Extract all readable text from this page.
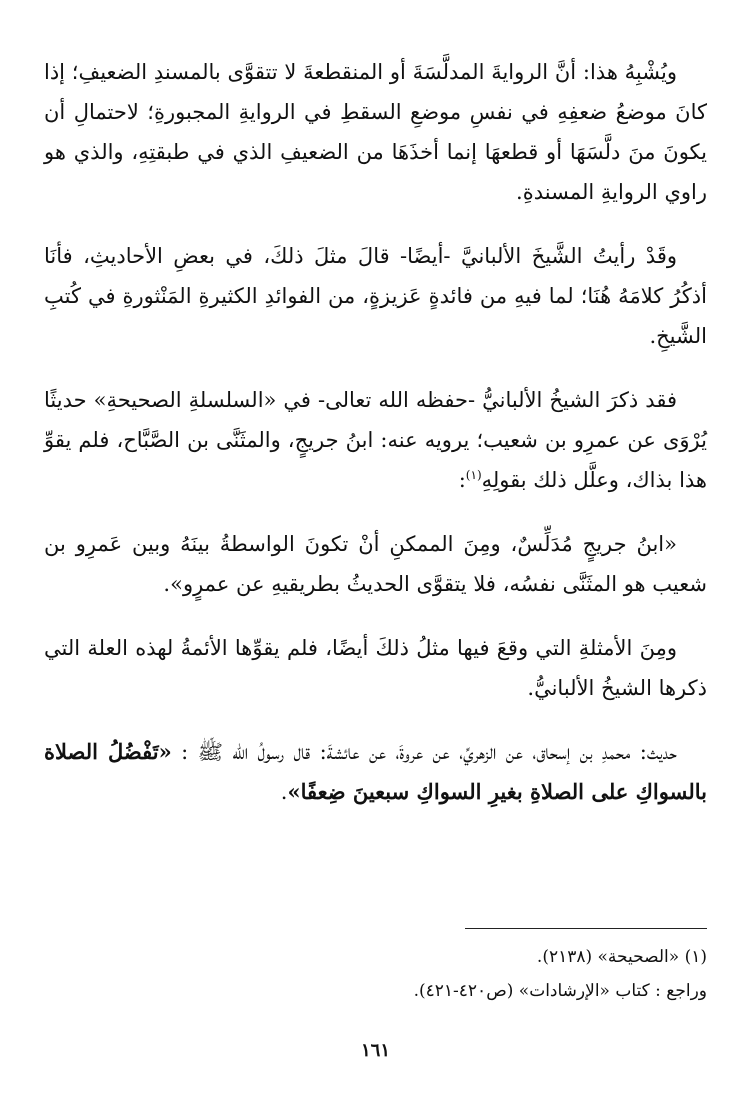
ويُشْبِهُ هذا: أنَّ الروايةَ المدلَّسَةَ أو المنقطعةَ لا تتقوَّى بالمسندِ الضعيفِ؛ إذا كانَ موضعُ ضعفِهِ في نفسِ موضعِ السقطِ في الروايةِ المجبورةِ؛ لاحتمالِ أن يكونَ منَ دلَّسَهَا أو قطعهَا إنما أخذَهَا من الضعيفِ الذي في طبقتِهِ، والذي هو راوي الروايةِ المسندةِ.

وقَدْ رأيتُ الشَّيخَ الألبانيَّ -أيضًا- قالَ مثلَ ذلكَ، في بعضِ الأحاديثِ، فأنَا أذكُرُ كلامَهُ هُنَا؛ لما فيهِ من فائدةٍ عَزيزةٍ، من الفوائدِ الكثيرةِ المَنْثورةِ في كُتبِ الشَّيخِ.

فقد ذكرَ الشيخُ الألبانيُّ -حفظه الله تعالى- في «السلسلةِ الصحيحةِ» حديثًا يُرْوَى عن عمرِو بن شعيب؛ يرويه عنه: ابنُ جريجٍ، والمثَنَّى بن الصَّبَّاح، فلم يقوِّ هذا بذاك، وعلَّل ذلك بقولِهِ$^{(١)}$:

«ابنُ جريجٍ مُدَلِّسٌ، ومِنَ الممكنِ أنْ تكونَ الواسطةُ بينَهُ وبين عَمرِو بن شعيب هو المثَنَّى نفسُه، فلا يتقوَّى الحديثُ بطريقيهِ عن عمرٍو».

ومِنَ الأمثلةِ التي وقعَ فيها مثلُ ذلكَ أيضًا، فلم يقوِّها الأئمةُ لهذه العلة التي ذكرها الشيخُ الألبانيُّ.

حديث: محمدِ بن إسحاق، عن الزهريِّ، عن عروةَ، عن عائشةَ: قال رسولُ الله ﷺ : «تَفْضُلُ الصلاة بالسواكِ على الصلاةِ بغيرِ السواكِ سبعينَ ضِعفًا».

(١) «الصحيحة» (٢١٣٨).

وراجع : كتاب «الإرشادات» (ص٤٢٠-٤٢١).

١٦١
